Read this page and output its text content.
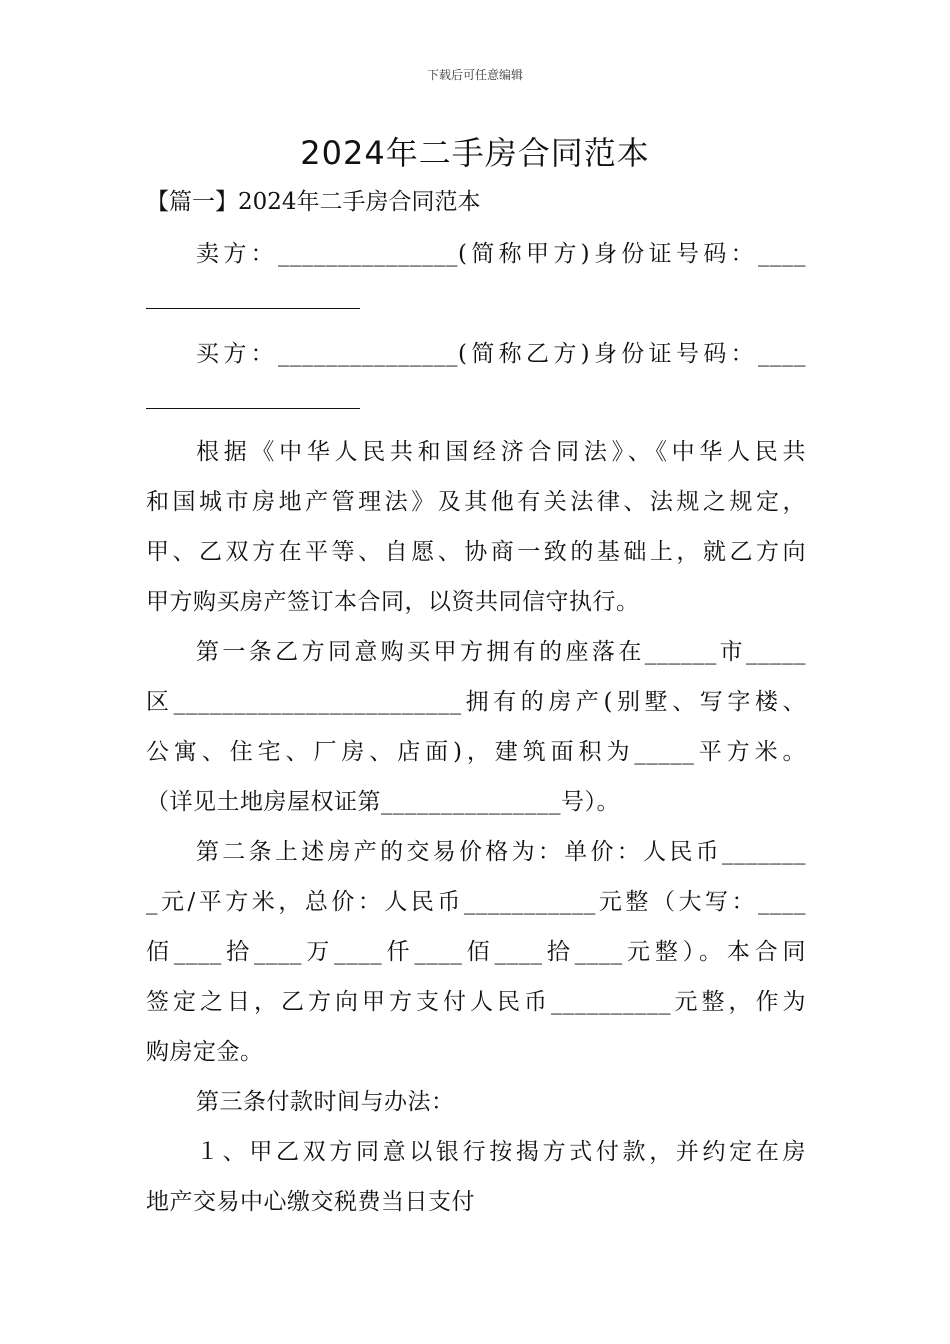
下载后可任意编辑
2024年二手房合同范本
【篇一】2024年二手房合同范本
卖方：_______________(简称甲方)身份证号码：____
买方：_______________(简称乙方)身份证号码：____
根据《中华人民共和国经济合同法》、《中华人民共
和国城市房地产管理法》及其他有关法律、法规之规定，
甲、乙双方在平等、自愿、协商一致的基础上，就乙方向
甲方购买房产签订本合同，以资共同信守执行。
第一条乙方同意购买甲方拥有的座落在______市_____
区________________________拥有的房产(别墅、写字楼、
公寓、住宅、厂房、店面)，建筑面积为_____平方米。
（详见土地房屋权证第_______________号）。
第二条上述房产的交易价格为：单价：人民币_______
_元/平方米，总价：人民币___________元整（大写：____
佰____拾____万____仟____佰____拾____元整）。本合同
签定之日，乙方向甲方支付人民币__________元整，作为
购房定金。
第三条付款时间与办法：
１、甲乙双方同意以银行按揭方式付款，并约定在房
地产交易中心缴交税费当日支付
